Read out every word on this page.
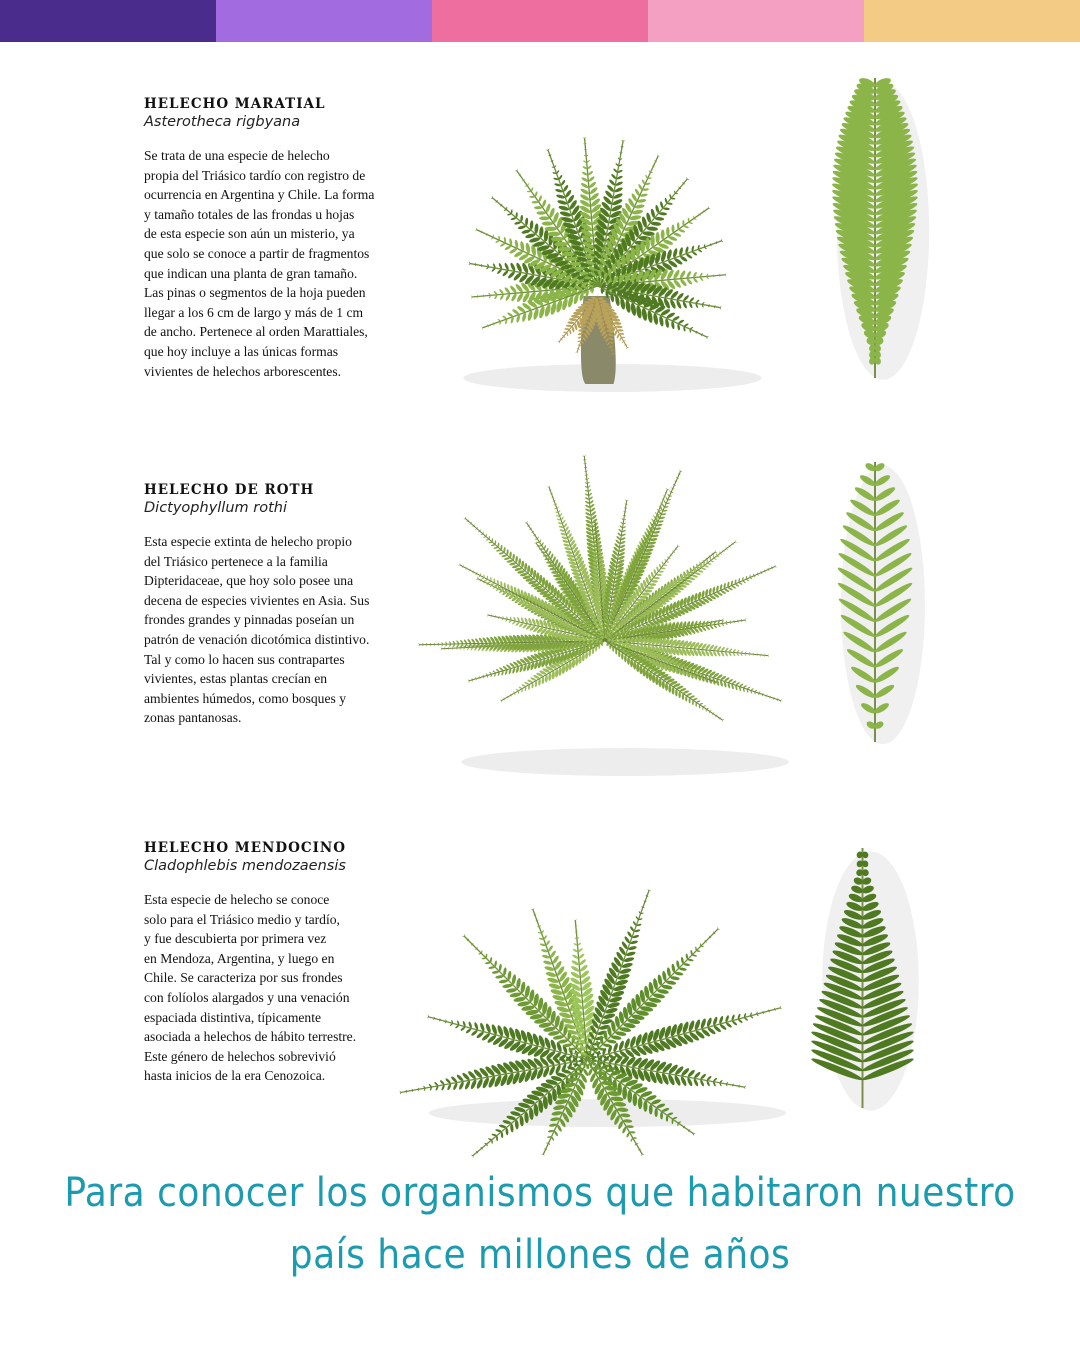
HELECHO MARATIAL
Asterotheca rigbyana

Se trata de una especie de helecho
propia del Triásico tardío con registro de
ocurrencia en Argentina y Chile. La forma
y tamaño totales de las frondas u hojas
de esta especie son aún un misterio, ya
que solo se conoce a partir de fragmentos
que indican una planta de gran tamaño.
Las pinas o segmentos de la hoja pueden
llegar a los 6 cm de largo y más de 1 cm
de ancho. Pertenece al orden Marattiales,
que hoy incluye a las únicas formas
vivientes de helechos arborescentes.

HELECHO DE ROTH
Dictyophyllum rothi

Esta especie extinta de helecho propio
del Triásico pertenece a la familia
Dipteridaceae, que hoy solo posee una
decena de especies vivientes en Asia. Sus
frondes grandes y pinnadas poseían un
patrón de venación dicotómica distintivo.
Tal y como lo hacen sus contrapartes
vivientes, estas plantas crecían en
ambientes húmedos, como bosques y
zonas pantanosas.

HELECHO MENDOCINO
Cladophlebis mendozaensis

Esta especie de helecho se conoce
solo para el Triásico medio y tardío,
y fue descubierta por primera vez
en Mendoza, Argentina, y luego en
Chile. Se caracteriza por sus frondes
con folíolos alargados y una venación
espaciada distintiva, típicamente
asociada a helechos de hábito terrestre.
Este género de helechos sobrevivió
hasta inicios de la era Cenozoica.

Para conocer los organismos que habitaron nuestro
país hace millones de años
